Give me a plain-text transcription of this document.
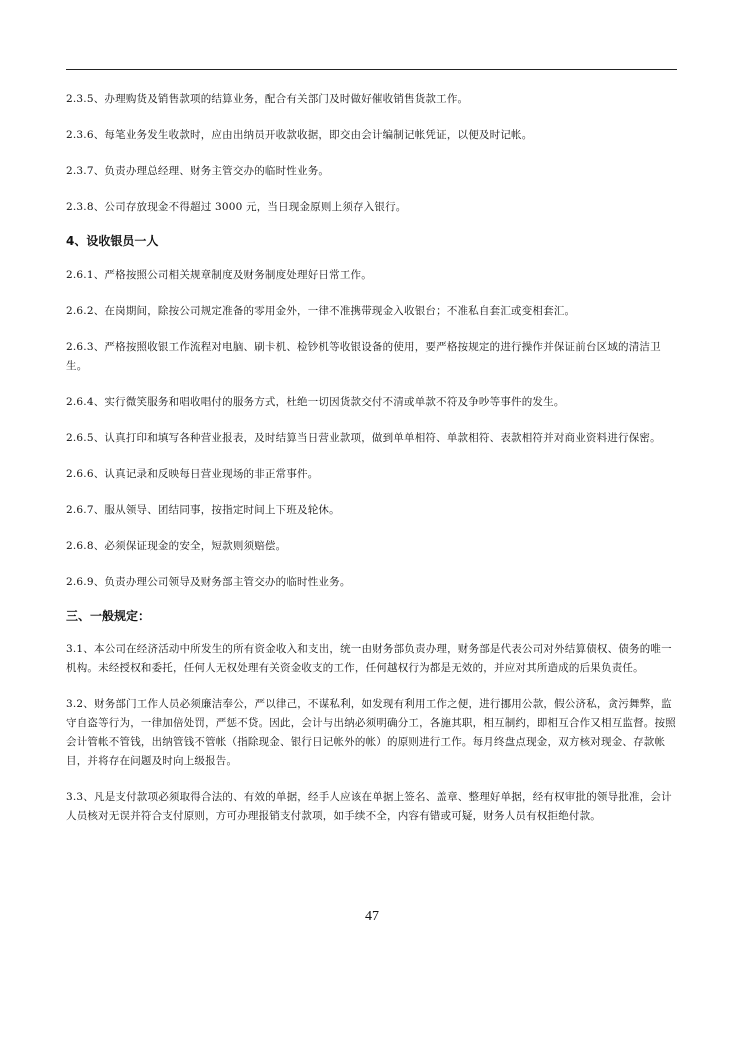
2.3.5、办理购货及销售款项的结算业务，配合有关部门及时做好催收销售货款工作。

2.3.6、每笔业务发生收款时，应由出纳员开收款收据，即交由会计编制记帐凭证，以便及时记帐。

2.3.7、负责办理总经理、财务主管交办的临时性业务。

2.3.8、公司存放现金不得超过 3000 元，当日现金原则上须存入银行。

4、设收银员一人

2.6.1、严格按照公司相关规章制度及财务制度处理好日常工作。

2.6.2、在岗期间，除按公司规定准备的零用金外，一律不准携带现金入收银台；不准私自套汇或变相套汇。

2.6.3、严格按照收银工作流程对电脑、刷卡机、检钞机等收银设备的使用，要严格按规定的进行操作并保证前台区域的清洁卫生。

2.6.4、实行微笑服务和唱收唱付的服务方式，杜绝一切因货款交付不清或单款不符及争吵等事件的发生。

2.6.5、认真打印和填写各种营业报表，及时结算当日营业款项，做到单单相符、单款相符、表款相符并对商业资料进行保密。

2.6.6、认真记录和反映每日营业现场的非正常事件。

2.6.7、服从领导、团结同事，按指定时间上下班及轮休。

2.6.8、必须保证现金的安全，短款则须赔偿。

2.6.9、负责办理公司领导及财务部主管交办的临时性业务。

三、一般规定：

3.1、本公司在经济活动中所发生的所有资金收入和支出，统一由财务部负责办理，财务部是代表公司对外结算债权、债务的唯一机构。未经授权和委托，任何人无权处理有关资金收支的工作，任何越权行为都是无效的，并应对其所造成的后果负责任。

3.2、财务部门工作人员必须廉洁奉公，严以律己，不谋私利，如发现有利用工作之便，进行挪用公款，假公济私，贪污舞弊，监守自盗等行为，一律加倍处罚，严惩不贷。因此，会计与出纳必须明确分工，各施其职，相互制约，即相互合作又相互监督。按照会计管帐不管钱，出纳管钱不管帐（指除现金、银行日记帐外的帐）的原则进行工作。每月终盘点现金，双方核对现金、存款帐目，并将存在问题及时向上级报告。

3.3、凡是支付款项必须取得合法的、有效的单据，经手人应该在单据上签名、盖章、整理好单据，经有权审批的领导批准，会计人员核对无误并符合支付原则，方可办理报销支付款项，如手续不全，内容有错或可疑，财务人员有权拒绝付款。

47
